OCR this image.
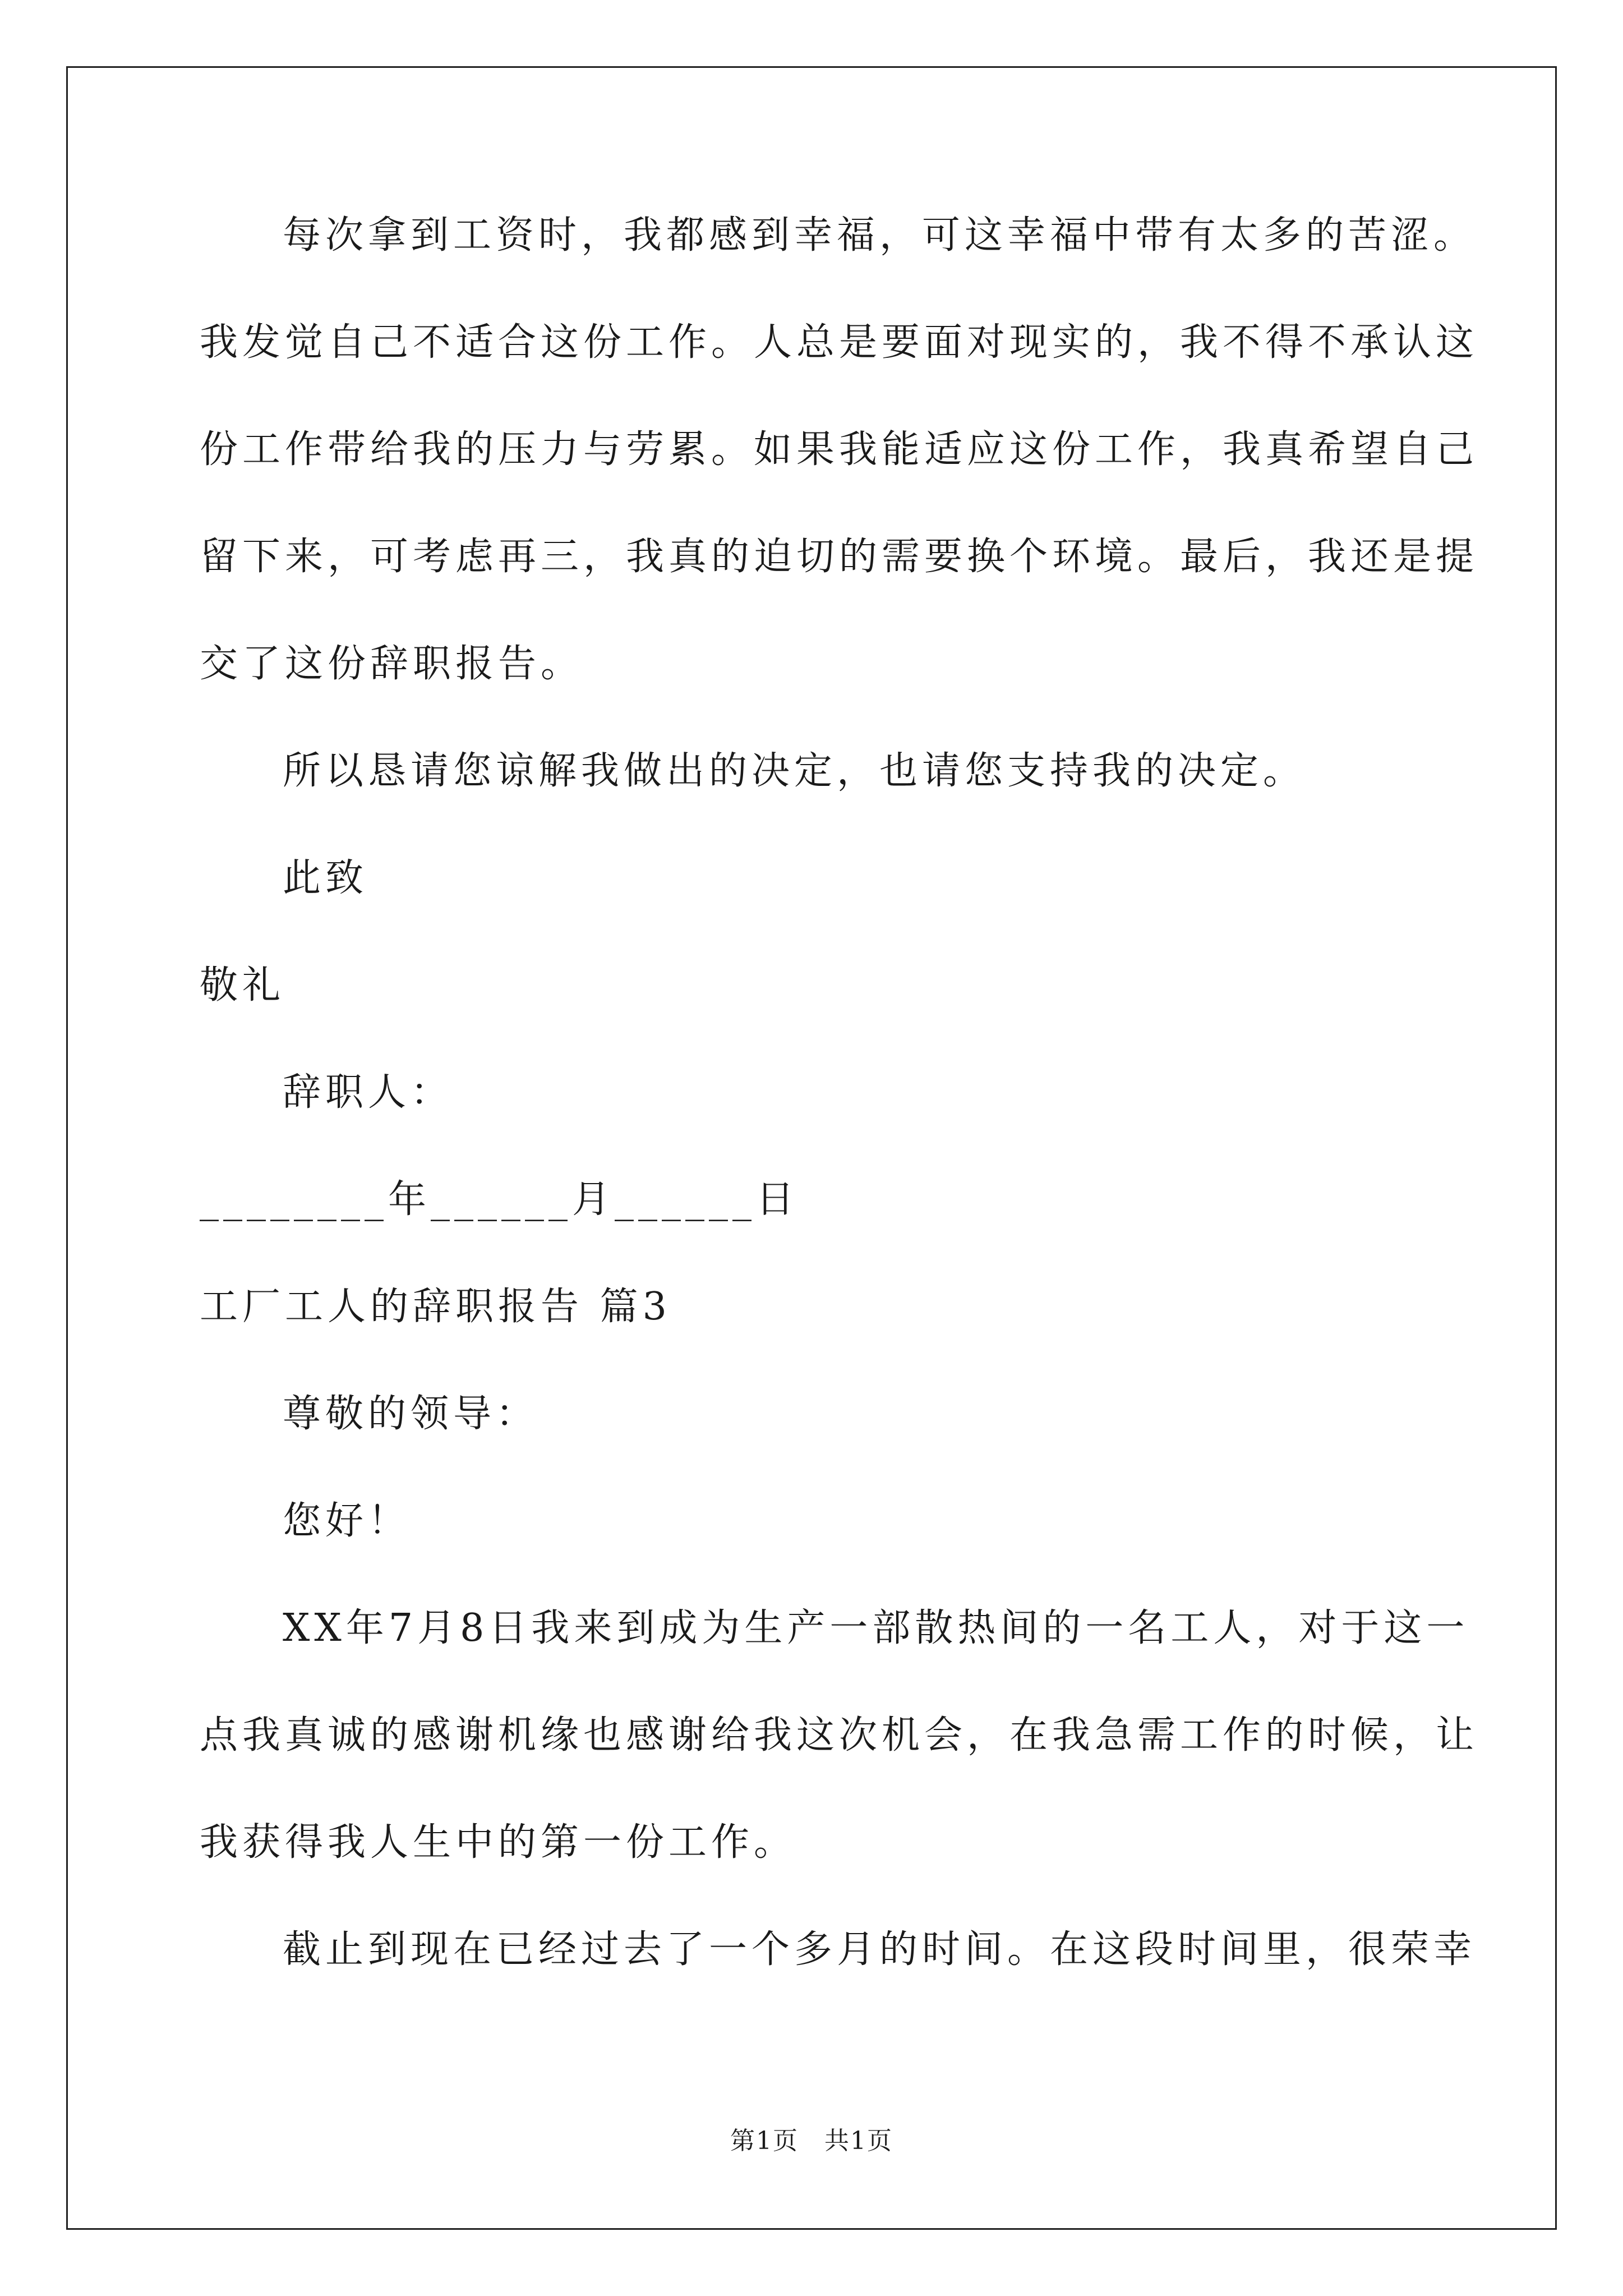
每次拿到工资时，我都感到幸福，可这幸福中带有太多的苦涩。
我发觉自己不适合这份工作。人总是要面对现实的，我不得不承认这
份工作带给我的压力与劳累。如果我能适应这份工作，我真希望自己
留下来，可考虑再三，我真的迫切的需要换个环境。最后，我还是提
交了这份辞职报告。
所以恳请您谅解我做出的决定，也请您支持我的决定。
此致
敬礼
辞职人：
________年______月______日
工厂工人的辞职报告 篇3
尊敬的领导：
您好！
XX年7月8日我来到成为生产一部散热间的一名工人，对于这一
点我真诚的感谢机缘也感谢给我这次机会，在我急需工作的时候，让
我获得我人生中的第一份工作。
截止到现在已经过去了一个多月的时间。在这段时间里，很荣幸
第1页　共1页
